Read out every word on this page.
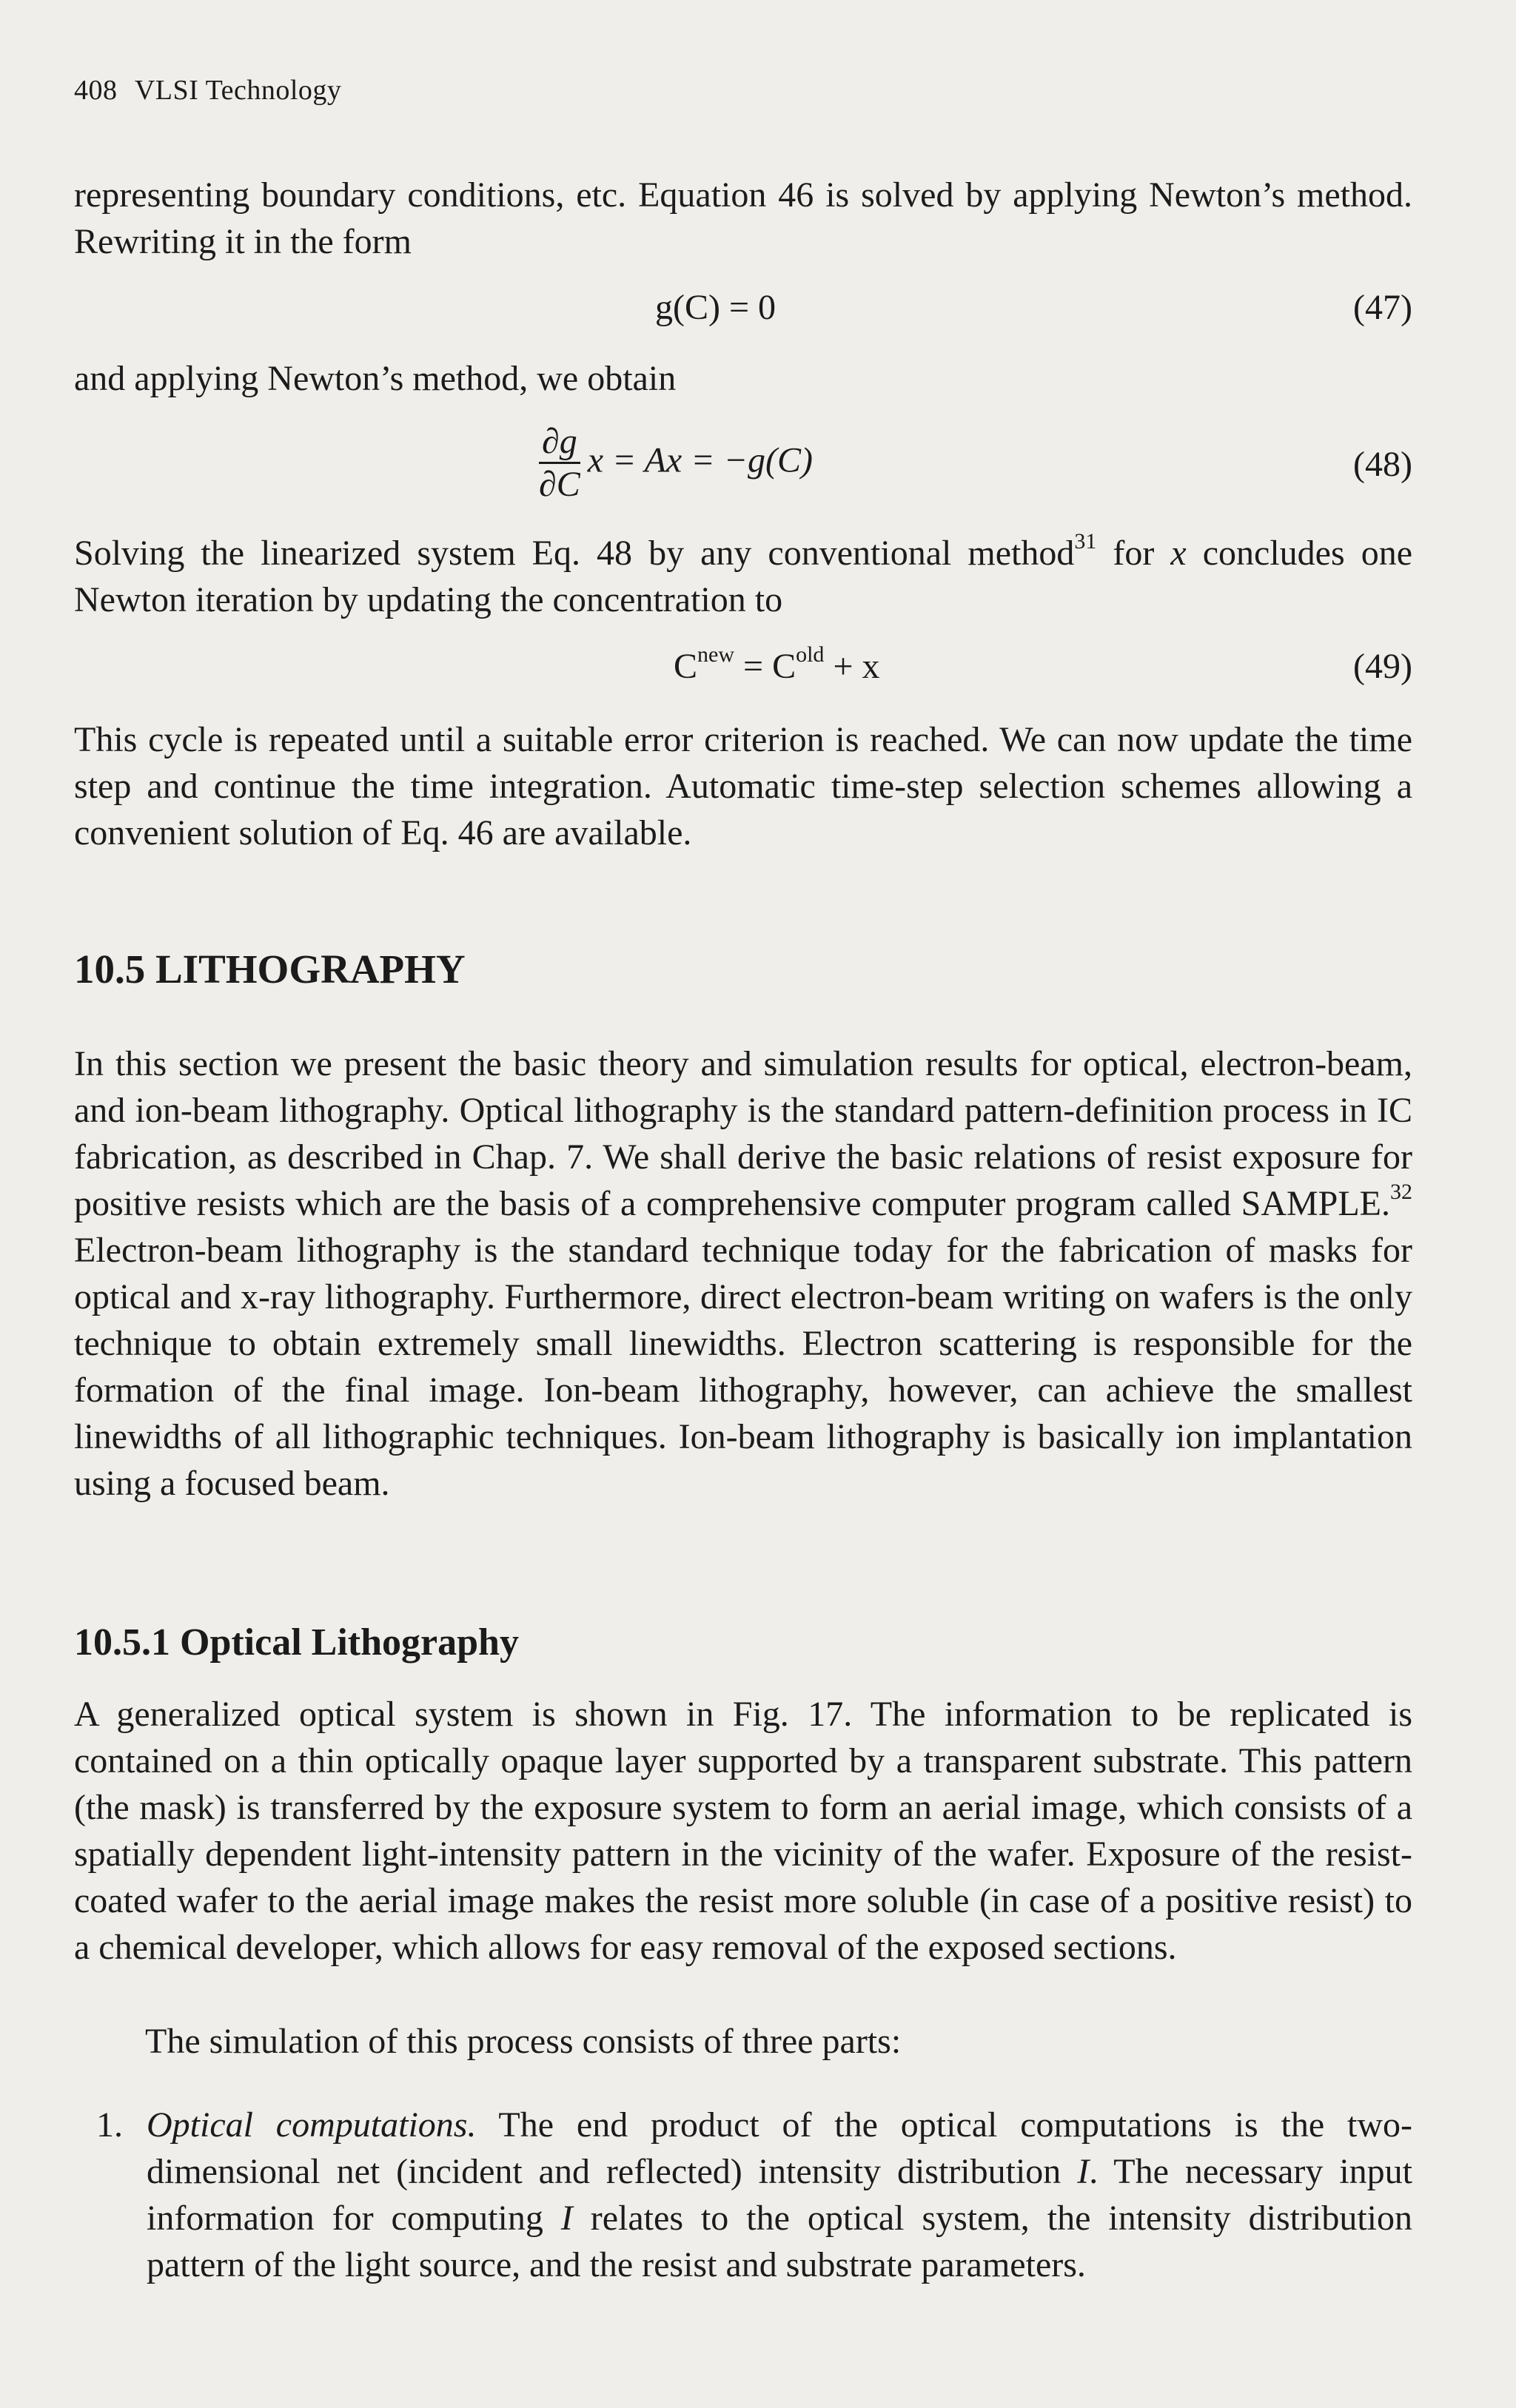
408 VLSI Technology
representing boundary conditions, etc. Equation 46 is solved by applying Newton’s method. Rewriting it in the form
g(C) = 0	(47)
and applying Newton’s method, we obtain
$\frac{\partial g}{\partial C}$ x = Ax = −g(C)	(48)
Solving the linearized system Eq. 48 by any conventional method$^{31}$ for x concludes one Newton iteration by updating the concentration to
$C^{new} = C^{old} + x$	(49)
This cycle is repeated until a suitable error criterion is reached. We can now update the time step and continue the time integration. Automatic time-step selection schemes allowing a convenient solution of Eq. 46 are available.
10.5 LITHOGRAPHY
In this section we present the basic theory and simulation results for optical, electron-beam, and ion-beam lithography. Optical lithography is the standard pattern-definition process in IC fabrication, as described in Chap. 7. We shall derive the basic relations of resist exposure for positive resists which are the basis of a comprehensive computer program called SAMPLE.$^{32}$ Electron-beam lithography is the standard technique today for the fabrication of masks for optical and x-ray lithography. Furthermore, direct electron-beam writing on wafers is the only technique to obtain extremely small linewidths. Electron scattering is responsible for the formation of the final image. Ion-beam lithography, however, can achieve the smallest linewidths of all lithographic techniques. Ion-beam lithography is basically ion implantation using a focused beam.
10.5.1 Optical Lithography
A generalized optical system is shown in Fig. 17. The information to be replicated is contained on a thin optically opaque layer supported by a transparent substrate. This pattern (the mask) is transferred by the exposure system to form an aerial image, which consists of a spatially dependent light-intensity pattern in the vicinity of the wafer. Exposure of the resist-coated wafer to the aerial image makes the resist more soluble (in case of a positive resist) to a chemical developer, which allows for easy removal of the exposed sections.
The simulation of this process consists of three parts:
1. Optical computations. The end product of the optical computations is the two-dimensional net (incident and reflected) intensity distribution I. The necessary input information for computing I relates to the optical system, the intensity distribution pattern of the light source, and the resist and substrate parameters.
